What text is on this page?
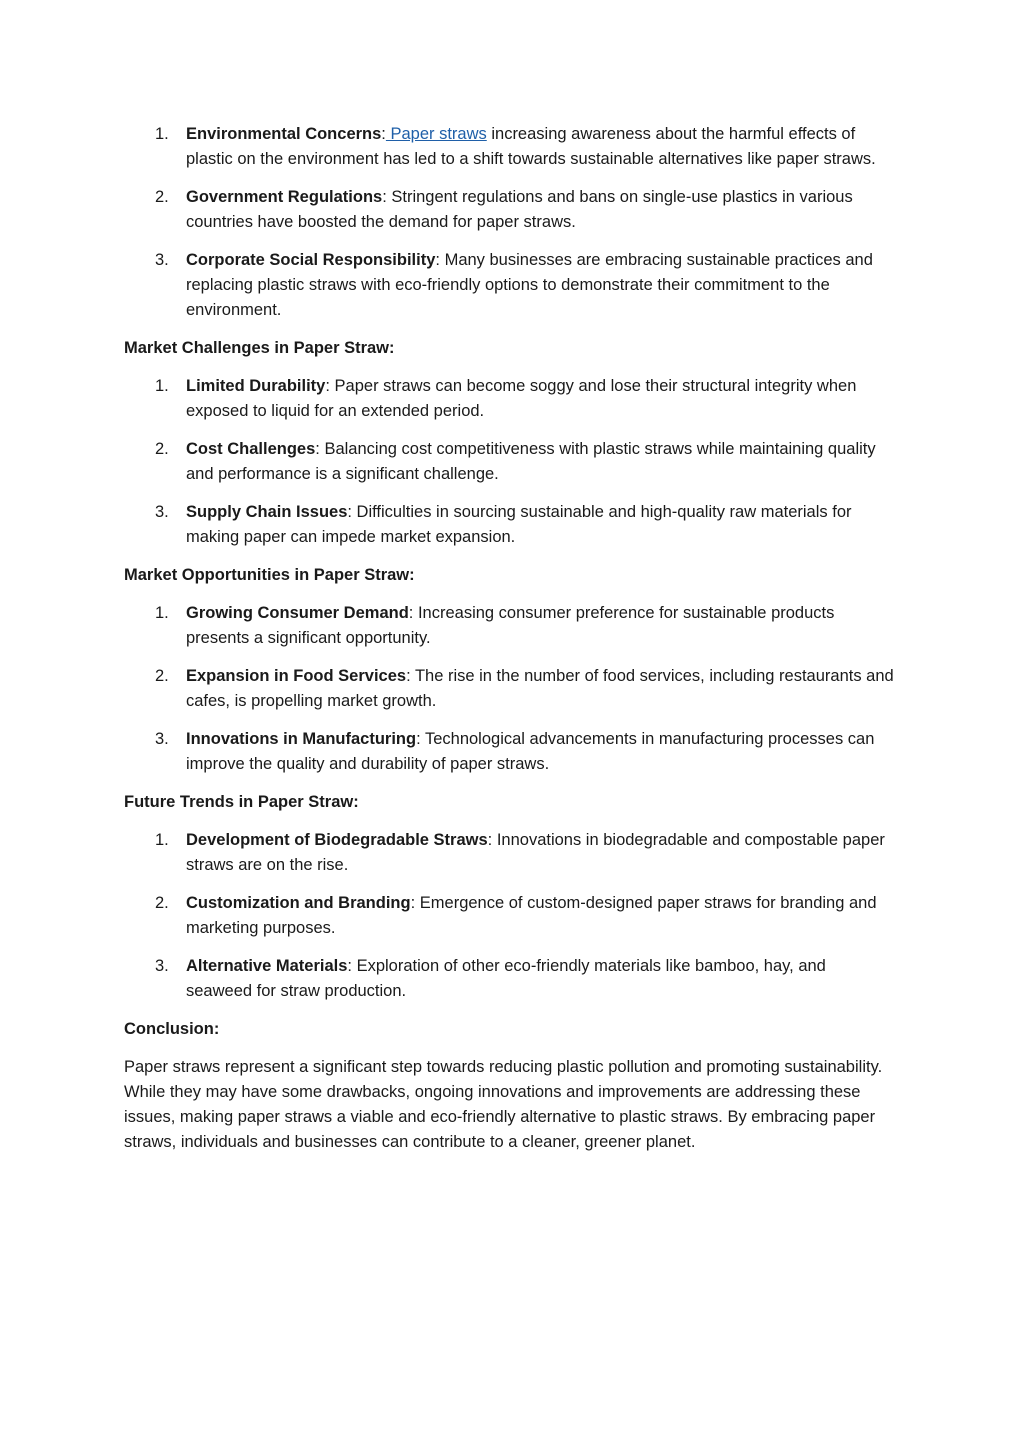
1.	Environmental Concerns: Paper straws increasing awareness about the harmful effects of plastic on the environment has led to a shift towards sustainable alternatives like paper straws.
2.	Government Regulations: Stringent regulations and bans on single-use plastics in various countries have boosted the demand for paper straws.
3.	Corporate Social Responsibility: Many businesses are embracing sustainable practices and replacing plastic straws with eco-friendly options to demonstrate their commitment to the environment.
Market Challenges in Paper Straw:
1.	Limited Durability: Paper straws can become soggy and lose their structural integrity when exposed to liquid for an extended period.
2.	Cost Challenges: Balancing cost competitiveness with plastic straws while maintaining quality and performance is a significant challenge.
3.	Supply Chain Issues: Difficulties in sourcing sustainable and high-quality raw materials for making paper can impede market expansion.
Market Opportunities in Paper Straw:
1.	Growing Consumer Demand: Increasing consumer preference for sustainable products presents a significant opportunity.
2.	Expansion in Food Services: The rise in the number of food services, including restaurants and cafes, is propelling market growth.
3.	Innovations in Manufacturing: Technological advancements in manufacturing processes can improve the quality and durability of paper straws.
Future Trends in Paper Straw:
1.	Development of Biodegradable Straws: Innovations in biodegradable and compostable paper straws are on the rise.
2.	Customization and Branding: Emergence of custom-designed paper straws for branding and marketing purposes.
3.	Alternative Materials: Exploration of other eco-friendly materials like bamboo, hay, and seaweed for straw production.
Conclusion:

Paper straws represent a significant step towards reducing plastic pollution and promoting sustainability. While they may have some drawbacks, ongoing innovations and improvements are addressing these issues, making paper straws a viable and eco-friendly alternative to plastic straws. By embracing paper straws, individuals and businesses can contribute to a cleaner, greener planet.
